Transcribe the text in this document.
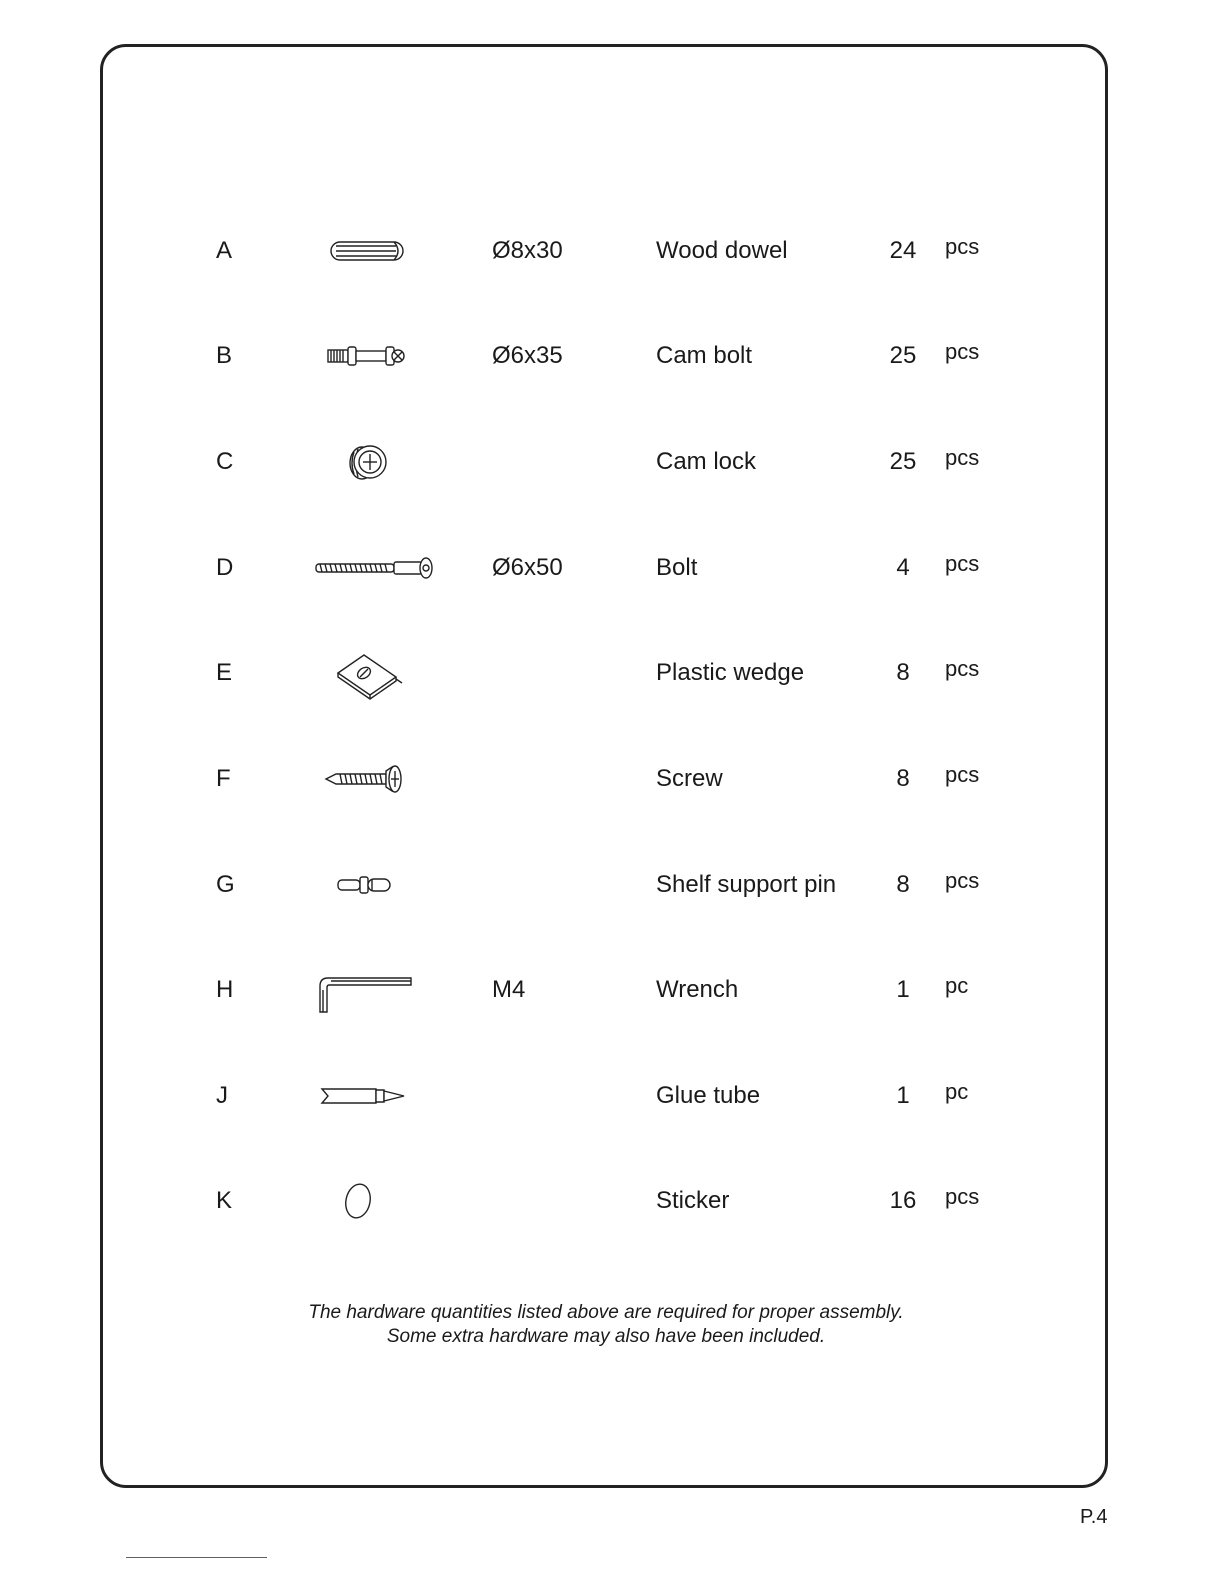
A	Ø8x30	Wood dowel	24	pcs
B	Ø6x35	Cam bolt	25	pcs
C	Cam lock	25	pcs
D	Ø6x50	Bolt	4	pcs
E	Plastic wedge	8	pcs
F	Screw	8	pcs
G	Shelf support pin	8	pcs
H	M4	Wrench	1	pc
J	Glue tube	1	pc
K	Sticker	16	pcs
The hardware quantities listed above are required for proper assembly.
Some extra hardware may also have been included.
P.4
